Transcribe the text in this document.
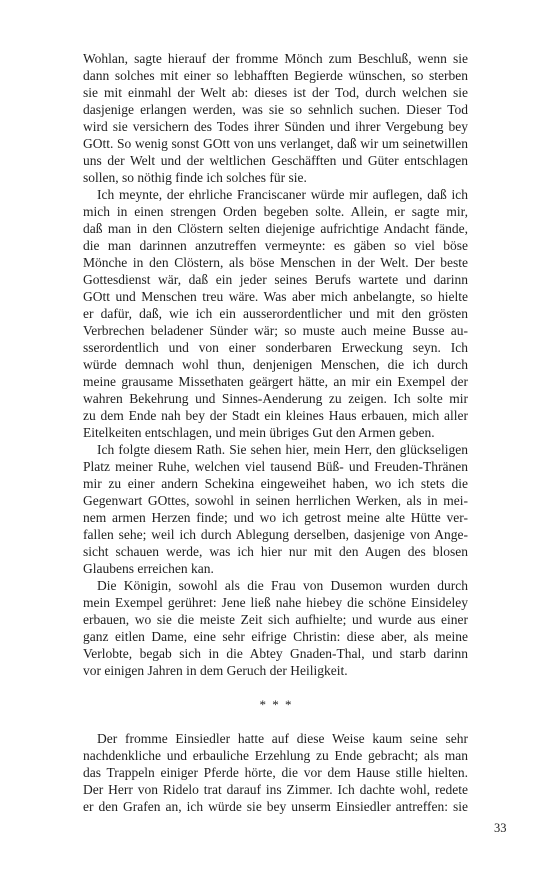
Wohlan, sagte hierauf der fromme Mönch zum Beschluß, wenn sie
dann solches mit einer so lebhafften Begierde wünschen, so sterben
sie mit einmahl der Welt ab: dieses ist der Tod, durch welchen sie
dasjenige erlangen werden, was sie so sehnlich suchen. Dieser Tod
wird sie versichern des Todes ihrer Sünden und ihrer Vergebung bey
GOtt. So wenig sonst GOtt von uns verlanget, daß wir um seinetwillen
uns der Welt und der weltlichen Geschäfften und Güter entschlagen
sollen, so nöthig finde ich solches für sie.
Ich meynte, der ehrliche Franciscaner würde mir auflegen, daß ich
mich in einen strengen Orden begeben solte. Allein, er sagte mir,
daß man in den Clöstern selten diejenige aufrichtige Andacht fände,
die man darinnen anzutreffen vermeynte: es gäben so viel böse
Mönche in den Clöstern, als böse Menschen in der Welt. Der beste
Gottesdienst wär, daß ein jeder seines Berufs wartete und darinn
GOtt und Menschen treu wäre. Was aber mich anbelangte, so hielte
er dafür, daß, wie ich ein ausserordentlicher und mit den grösten
Verbrechen beladener Sünder wär; so muste auch meine Busse au-
sserordentlich und von einer sonderbaren Erweckung seyn. Ich
würde demnach wohl thun, denjenigen Menschen, die ich durch
meine grausame Missethaten geärgert hätte, an mir ein Exempel der
wahren Bekehrung und Sinnes-Aenderung zu zeigen. Ich solte mir
zu dem Ende nah bey der Stadt ein kleines Haus erbauen, mich aller
Eitelkeiten entschlagen, und mein übriges Gut den Armen geben.
Ich folgte diesem Rath. Sie sehen hier, mein Herr, den glückseligen
Platz meiner Ruhe, welchen viel tausend Büß- und Freuden-Thränen
mir zu einer andern Schekina eingeweihet haben, wo ich stets die
Gegenwart GOttes, sowohl in seinen herrlichen Werken, als in mei-
nem armen Herzen finde; und wo ich getrost meine alte Hütte ver-
fallen sehe; weil ich durch Ablegung derselben, dasjenige von Ange-
sicht schauen werde, was ich hier nur mit den Augen des blosen
Glaubens erreichen kan.
Die Königin, sowohl als die Frau von Dusemon wurden durch
mein Exempel gerühret: Jene ließ nahe hiebey die schöne Einsideley
erbauen, wo sie die meiste Zeit sich aufhielte; und wurde aus einer
ganz eitlen Dame, eine sehr eifrige Christin: diese aber, als meine
Verlobte, begab sich in die Abtey Gnaden-Thal, und starb darinn
vor einigen Jahren in dem Geruch der Heiligkeit.
* * *
Der fromme Einsiedler hatte auf diese Weise kaum seine sehr
nachdenkliche und erbauliche Erzehlung zu Ende gebracht; als man
das Trappeln einiger Pferde hörte, die vor dem Hause stille hielten.
Der Herr von Ridelo trat darauf ins Zimmer. Ich dachte wohl, redete
er den Grafen an, ich würde sie bey unserm Einsiedler antreffen: sie
33
